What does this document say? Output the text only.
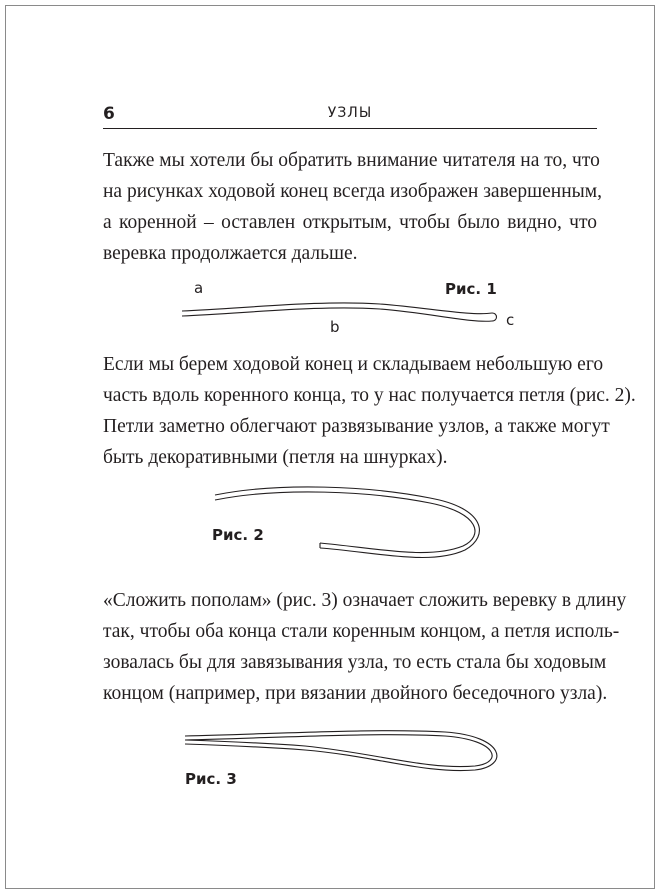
6	УЗЛЫ

Также мы хотели бы обратить внимание читателя на то, что
на рисунках ходовой конец всегда изображен завершенным,
а коренной – оставлен открытым, чтобы было видно, что
веревка продолжается дальше.

a
b	c
Рис. 1

Если мы берем ходовой конец и складываем небольшую его
часть вдоль коренного конца, то у нас получается петля (рис. 2).
Петли заметно облегчают развязывание узлов, а также могут
быть декоративными (петля на шнурках).

Рис. 2

«Сложить пополам» (рис. 3) означает сложить веревку в длину
так, чтобы оба конца стали коренным концом, а петля исполь-
зовалась бы для завязывания узла, то есть стала бы ходовым
концом (например, при вязании двойного беседочного узла).

Рис. 3
